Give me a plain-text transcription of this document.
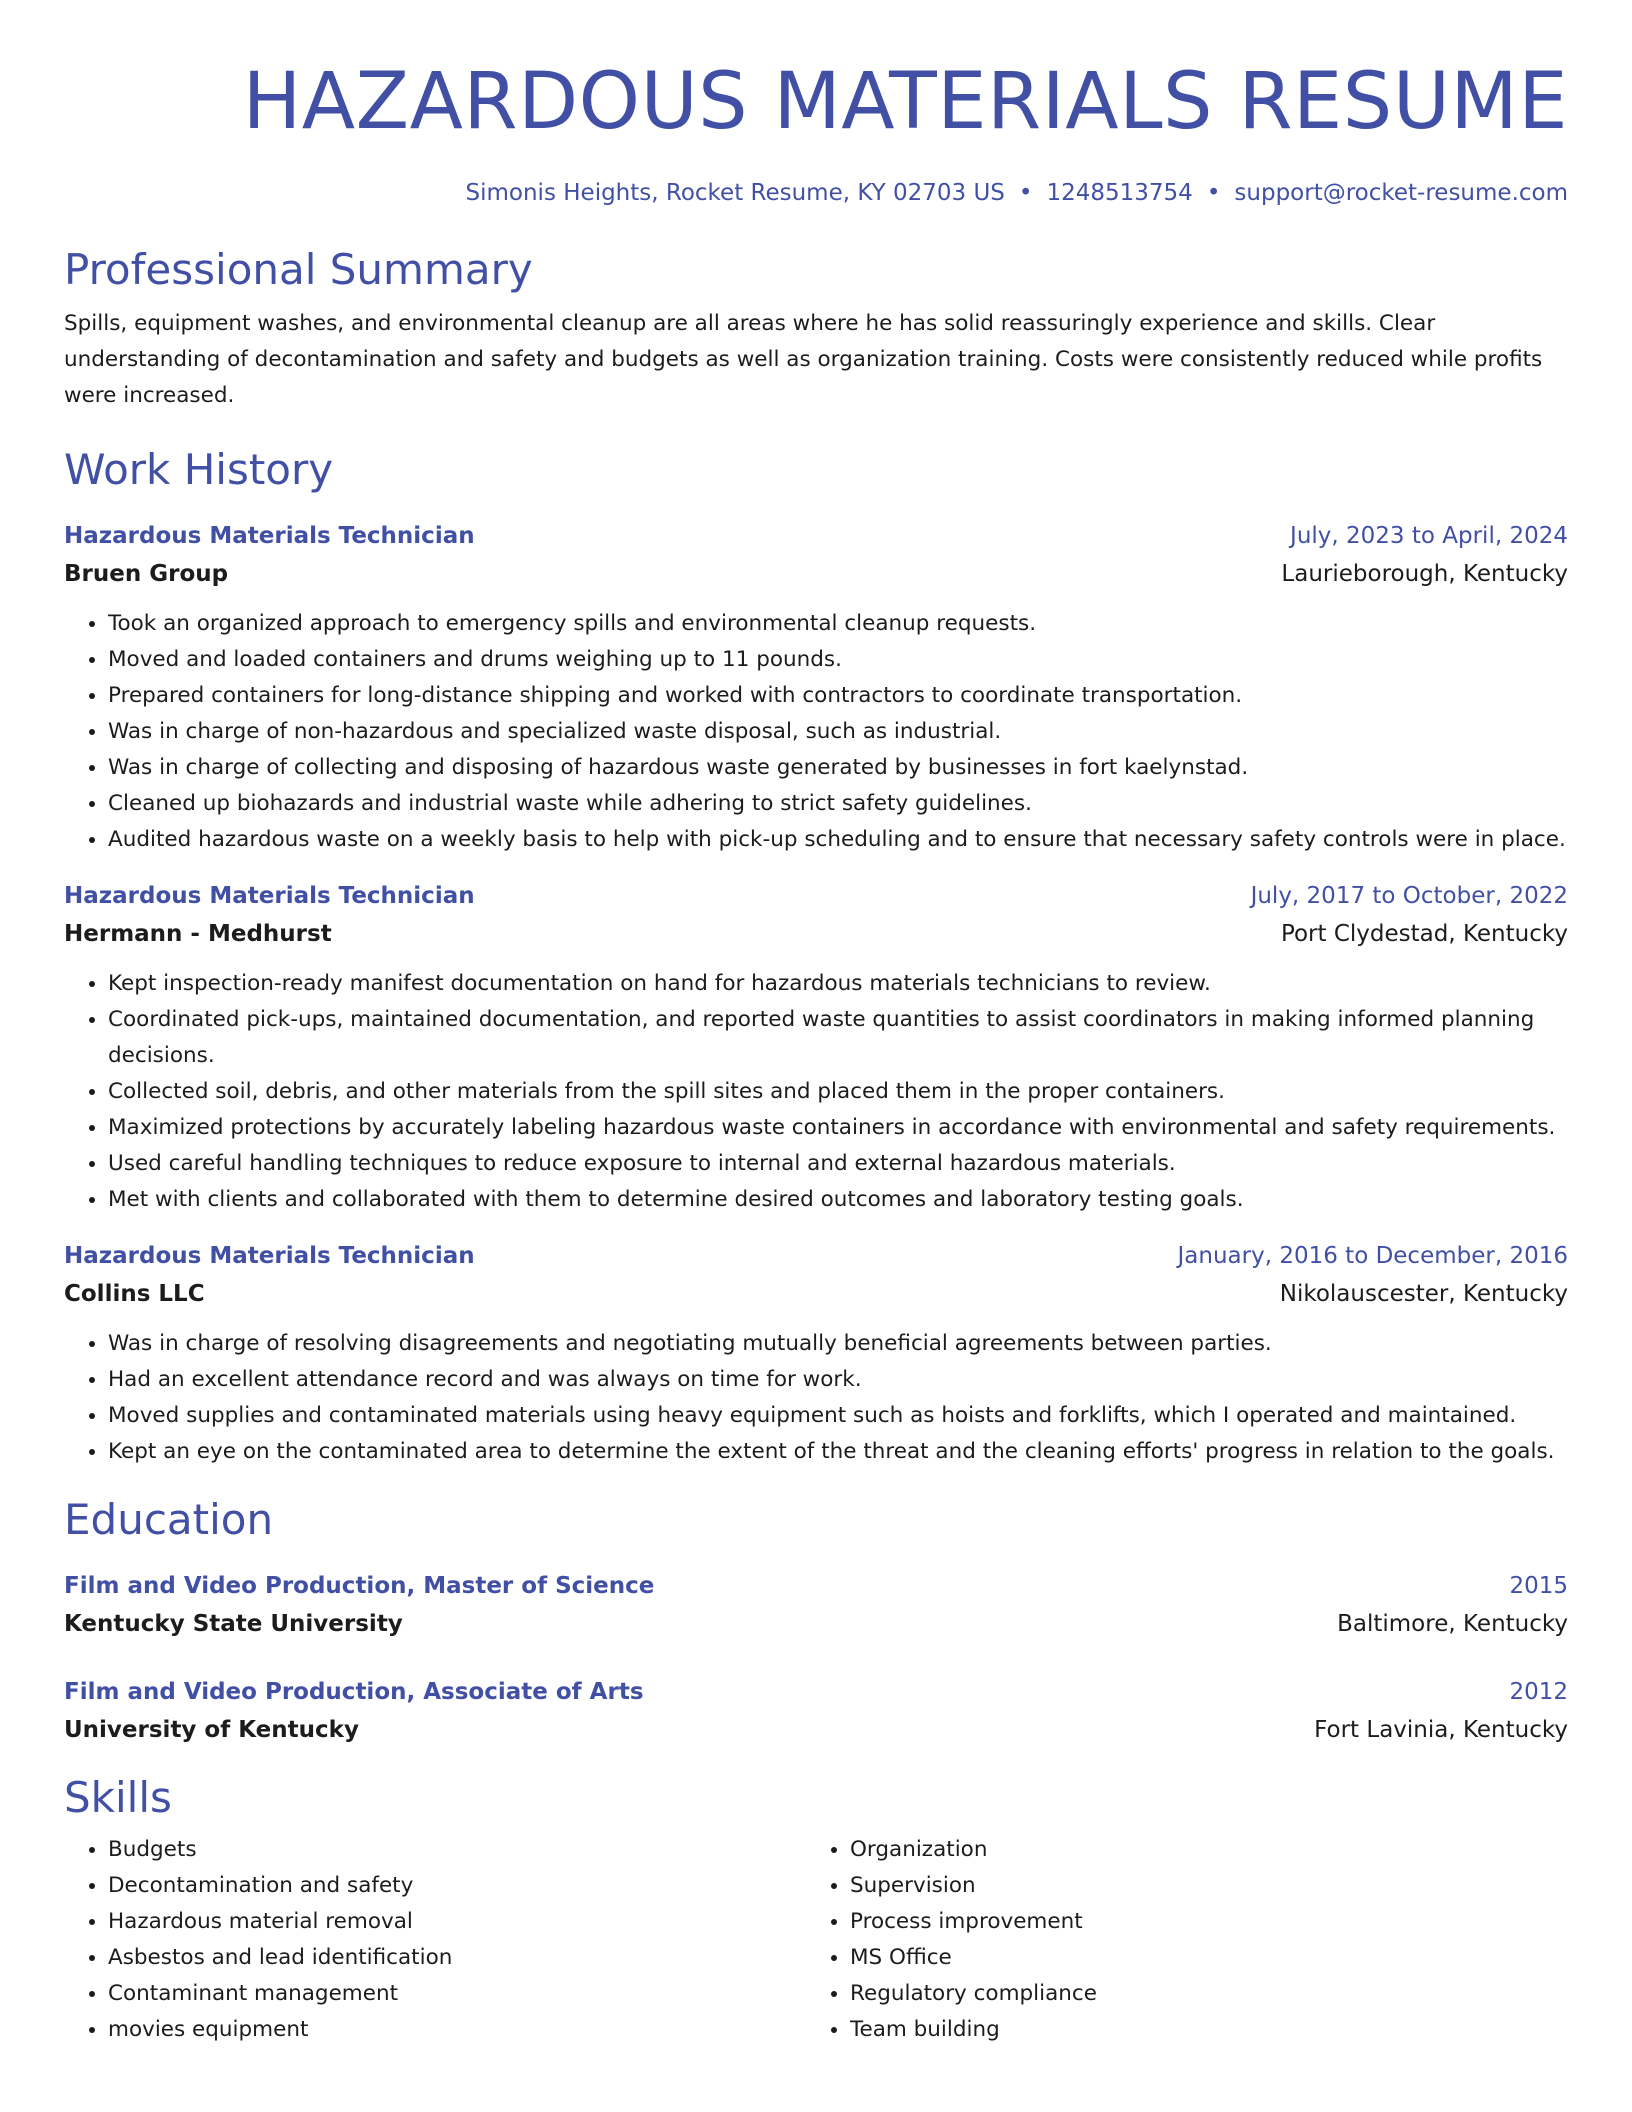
HAZARDOUS MATERIALS RESUME
Simonis Heights, Rocket Resume, KY 02703 US • 1248513754 • support@rocket-resume.com
Professional Summary
Spills, equipment washes, and environmental cleanup are all areas where he has solid reassuringly experience and skills. Clear understanding of decontamination and safety and budgets as well as organization training. Costs were consistently reduced while profits were increased.
Work History
Hazardous Materials Technician	July, 2023 to April, 2024
Bruen Group	Laurieborough, Kentucky
• Took an organized approach to emergency spills and environmental cleanup requests.
• Moved and loaded containers and drums weighing up to 11 pounds.
• Prepared containers for long-distance shipping and worked with contractors to coordinate transportation.
• Was in charge of non-hazardous and specialized waste disposal, such as industrial.
• Was in charge of collecting and disposing of hazardous waste generated by businesses in fort kaelynstad.
• Cleaned up biohazards and industrial waste while adhering to strict safety guidelines.
• Audited hazardous waste on a weekly basis to help with pick-up scheduling and to ensure that necessary safety controls were in place.
Hazardous Materials Technician	July, 2017 to October, 2022
Hermann - Medhurst	Port Clydestad, Kentucky
• Kept inspection-ready manifest documentation on hand for hazardous materials technicians to review.
• Coordinated pick-ups, maintained documentation, and reported waste quantities to assist coordinators in making informed planning decisions.
• Collected soil, debris, and other materials from the spill sites and placed them in the proper containers.
• Maximized protections by accurately labeling hazardous waste containers in accordance with environmental and safety requirements.
• Used careful handling techniques to reduce exposure to internal and external hazardous materials.
• Met with clients and collaborated with them to determine desired outcomes and laboratory testing goals.
Hazardous Materials Technician	January, 2016 to December, 2016
Collins LLC	Nikolauscester, Kentucky
• Was in charge of resolving disagreements and negotiating mutually beneficial agreements between parties.
• Had an excellent attendance record and was always on time for work.
• Moved supplies and contaminated materials using heavy equipment such as hoists and forklifts, which I operated and maintained.
• Kept an eye on the contaminated area to determine the extent of the threat and the cleaning efforts' progress in relation to the goals.
Education
Film and Video Production, Master of Science	2015
Kentucky State University	Baltimore, Kentucky
Film and Video Production, Associate of Arts	2012
University of Kentucky	Fort Lavinia, Kentucky
Skills
• Budgets
• Decontamination and safety
• Hazardous material removal
• Asbestos and lead identification
• Contaminant management
• movies equipment
• Organization
• Supervision
• Process improvement
• MS Office
• Regulatory compliance
• Team building
